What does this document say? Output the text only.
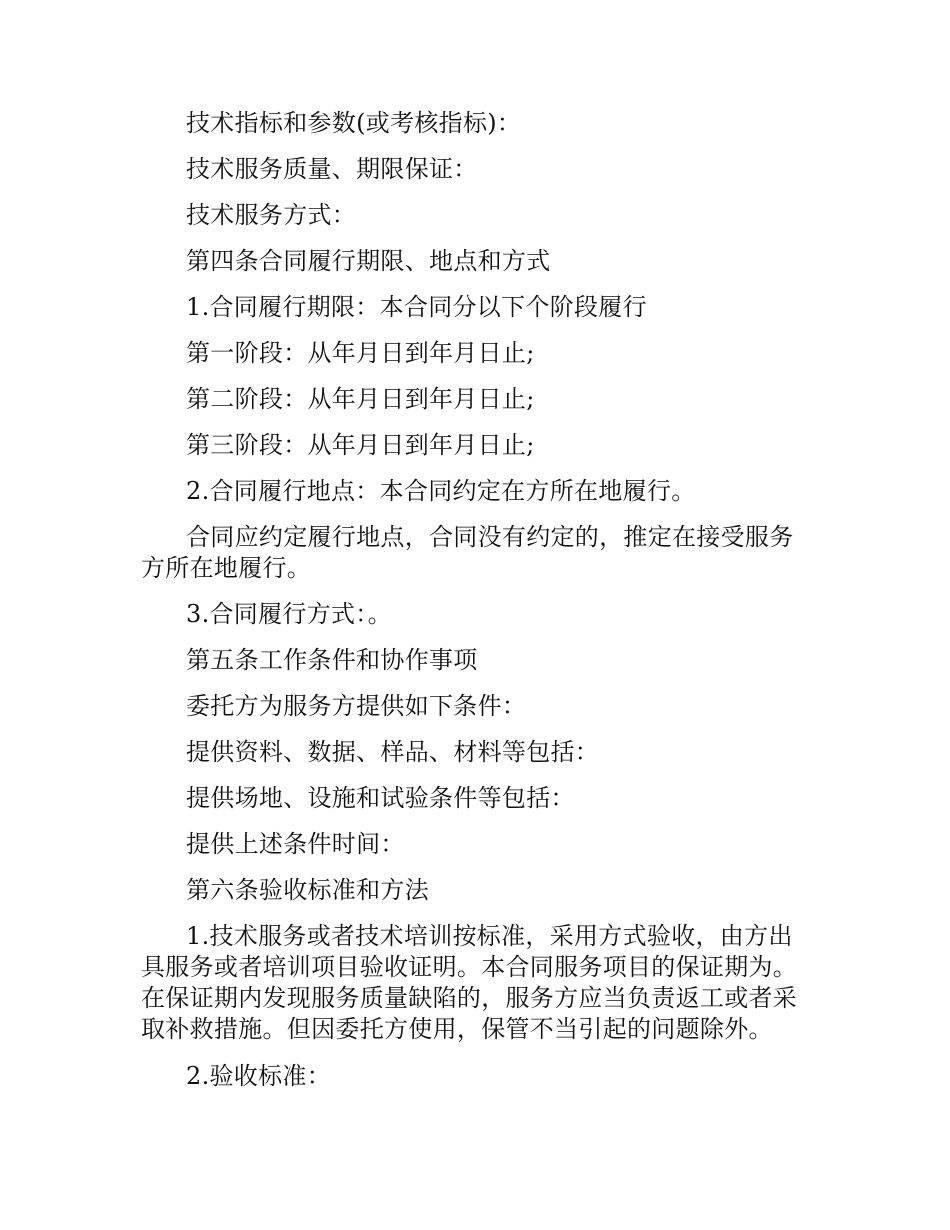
技术指标和参数(或考核指标)：

技术服务质量、期限保证：

技术服务方式：

第四条合同履行期限、地点和方式

1.合同履行期限：本合同分以下个阶段履行

第一阶段：从年月日到年月日止;

第二阶段：从年月日到年月日止;

第三阶段：从年月日到年月日止;

2.合同履行地点：本合同约定在方所在地履行。

合同应约定履行地点，合同没有约定的，推定在接受服务方所在地履行。

3.合同履行方式：。

第五条工作条件和协作事项

委托方为服务方提供如下条件：

提供资料、数据、样品、材料等包括：

提供场地、设施和试验条件等包括：

提供上述条件时间：

第六条验收标准和方法

1.技术服务或者技术培训按标准，采用方式验收，由方出具服务或者培训项目验收证明。本合同服务项目的保证期为。在保证期内发现服务质量缺陷的，服务方应当负责返工或者采取补救措施。但因委托方使用，保管不当引起的问题除外。

2.验收标准：
